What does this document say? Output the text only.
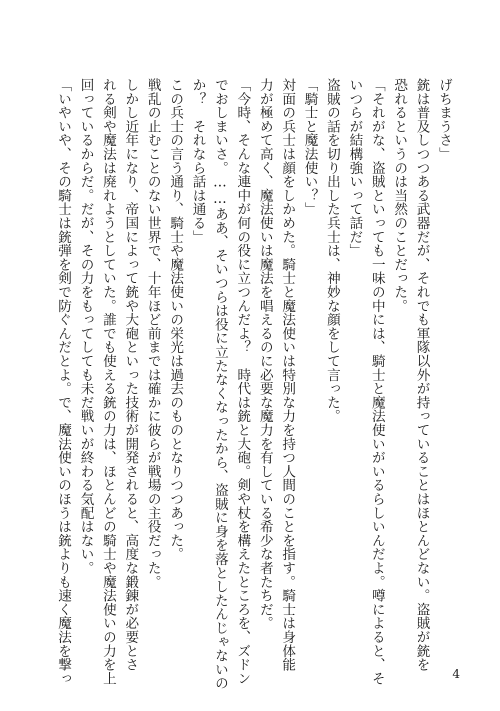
げちまうさ」
銃は普及しつつある武器だが、それでも軍隊以外が持っていることはほとんどない。盗賊が銃を
恐れるというのは当然のことだった。
「それがな、盗賊といっても一味の中には、騎士と魔法使いがいるらしいんだよ。噂によると、そ
いつらが結構強いって話だ」
盗賊の話を切り出した兵士は、神妙な顔をして言った。
「騎士と魔法使い？」
対面の兵士は顔をしかめた。騎士と魔法使いは特別な力を持つ人間のことを指す。騎士は身体能
力が極めて高く、魔法使いは魔法を唱えるのに必要な魔力を有している希少な者たちだ。
「今時、そんな連中が何の役に立つんだよ？　時代は銃と大砲。剣や杖を構えたところを、ズドン
でおしまいさ。……ああ、そいつらは役に立たなくなったから、盗賊に身を落としたんじゃないの
か？　それなら話は通る」
この兵士の言う通り、騎士や魔法使いの栄光は過去のものとなりつつあった。
戦乱の止むことのない世界で、十年ほど前までは確かに彼らが戦場の主役だった。
しかし近年になり、帝国によって銃や大砲といった技術が開発されると、高度な鍛錬が必要とさ
れる剣や魔法は廃れようとしていた。誰でも使える銃の力は、ほとんどの騎士や魔法使いの力を上
回っているからだ。だが、その力をもってしても未だ戦いが終わる気配はない。
「いやいや、その騎士は銃弾を剣で防ぐんだとよ。で、魔法使いのほうは銃よりも速く魔法を撃っ	4
